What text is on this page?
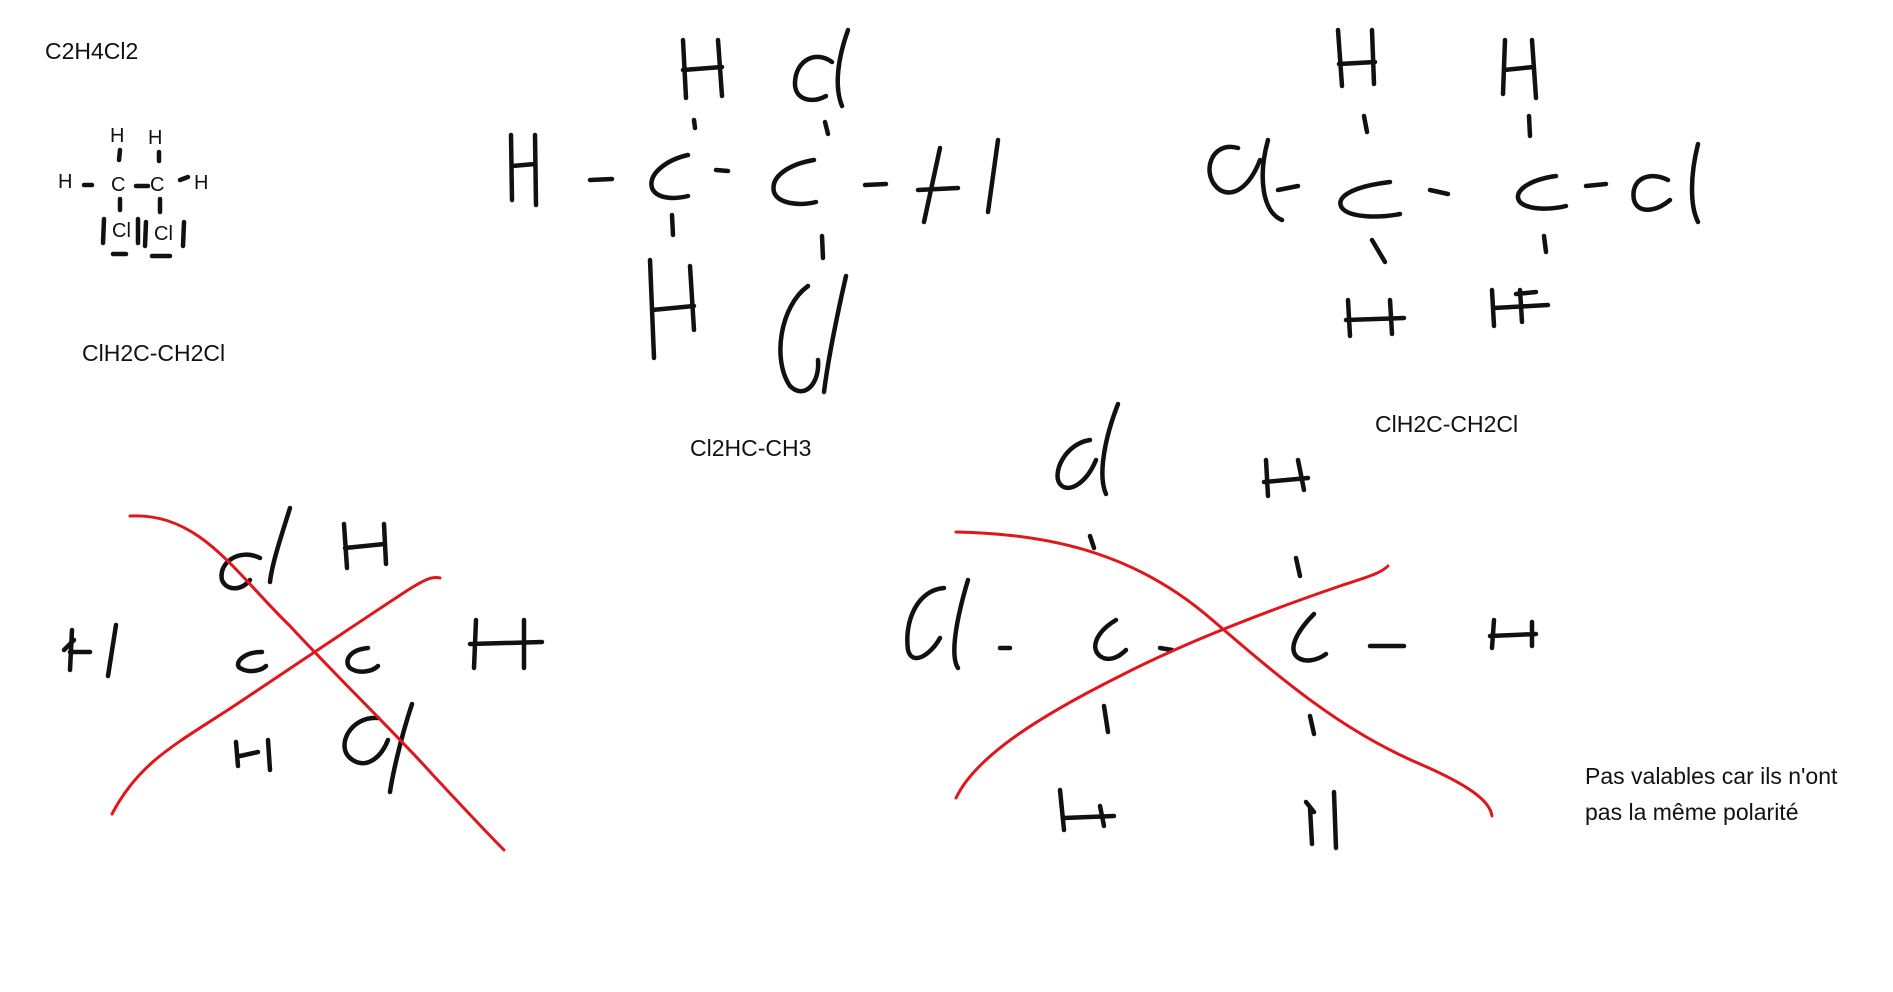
C2H4Cl2
ClH2C-CH2Cl
Cl2HC-CH3
ClH2C-CH2Cl
H H
H C C H
Cl Cl
Pas valables car ils n'ont
pas la même polarité
